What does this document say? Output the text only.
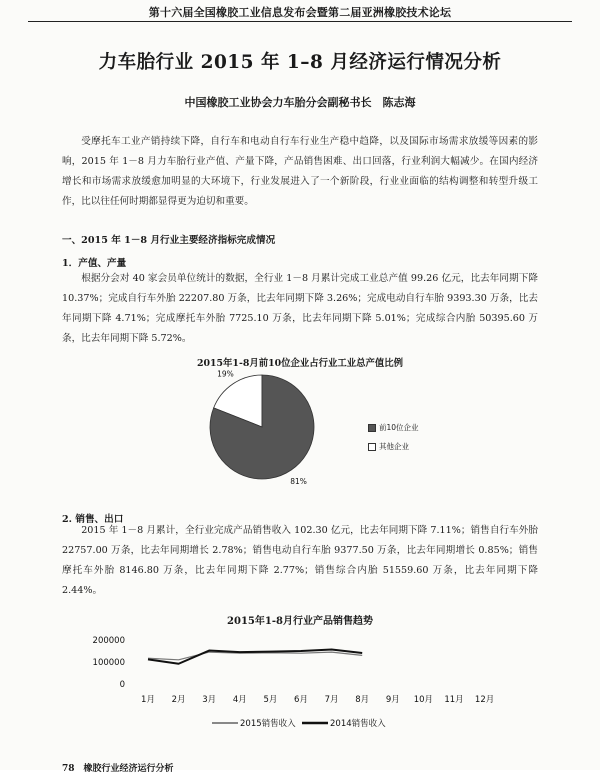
第十六届全国橡胶工业信息发布会暨第二届亚洲橡胶技术论坛
力车胎行业 2015 年 1–8 月经济运行情况分析
中国橡胶工业协会力车胎分会副秘书长　陈志海

受摩托车工业产销持续下降，自行车和电动自行车行业生产稳中趋降，以及国际市场需求放缓等因素的影响，2015 年 1－8 月力车胎行业产值、产量下降，产品销售困难、出口回落，行业利润大幅减少。在国内经济增长和市场需求放缓愈加明显的大环境下，行业发展进入了一个新阶段，行业业面临的结构调整和转型升级工作，比以往任何时期都显得更为迫切和重要。

一、2015 年 1－8 月行业主要经济指标完成情况
1．产值、产量

根据分会对 40 家会员单位统计的数据，全行业 1－8 月累计完成工业总产值 99.26 亿元，比去年同期下降 10.37%；完成自行车外胎 22207.80 万条，比去年同期下降 3.26%；完成电动自行车胎 9393.30 万条，比去年同期下降 4.71%；完成摩托车外胎 7725.10 万条，比去年同期下降 5.01%；完成综合内胎 50395.60 万条，比去年同期下降 5.72%。

2015年1-8月前10位企业占行业工业总产值比例
19%
81%
前10位企业
其他企业
2. 销售、出口

2015 年 1－8 月累计，全行业完成产品销售收入 102.30 亿元，比去年同期下降 7.11%；销售自行车外胎 22757.00 万条，比去年同期增长 2.78%；销售电动自行车胎 9377.50 万条，比去年同期增长 0.85%；销售摩托车外胎 8146.80 万条，比去年同期下降 2.77%；销售综合内胎 51559.60 万条，比去年同期下降 2.44%。

2015年1-8月行业产品销售趋势
0
100000
200000
1月 2月 3月 4月 5月 6月 7月 8月 9月 10月 11月 12月
2015销售收入	2014销售收入
78　橡胶行业经济运行分析
